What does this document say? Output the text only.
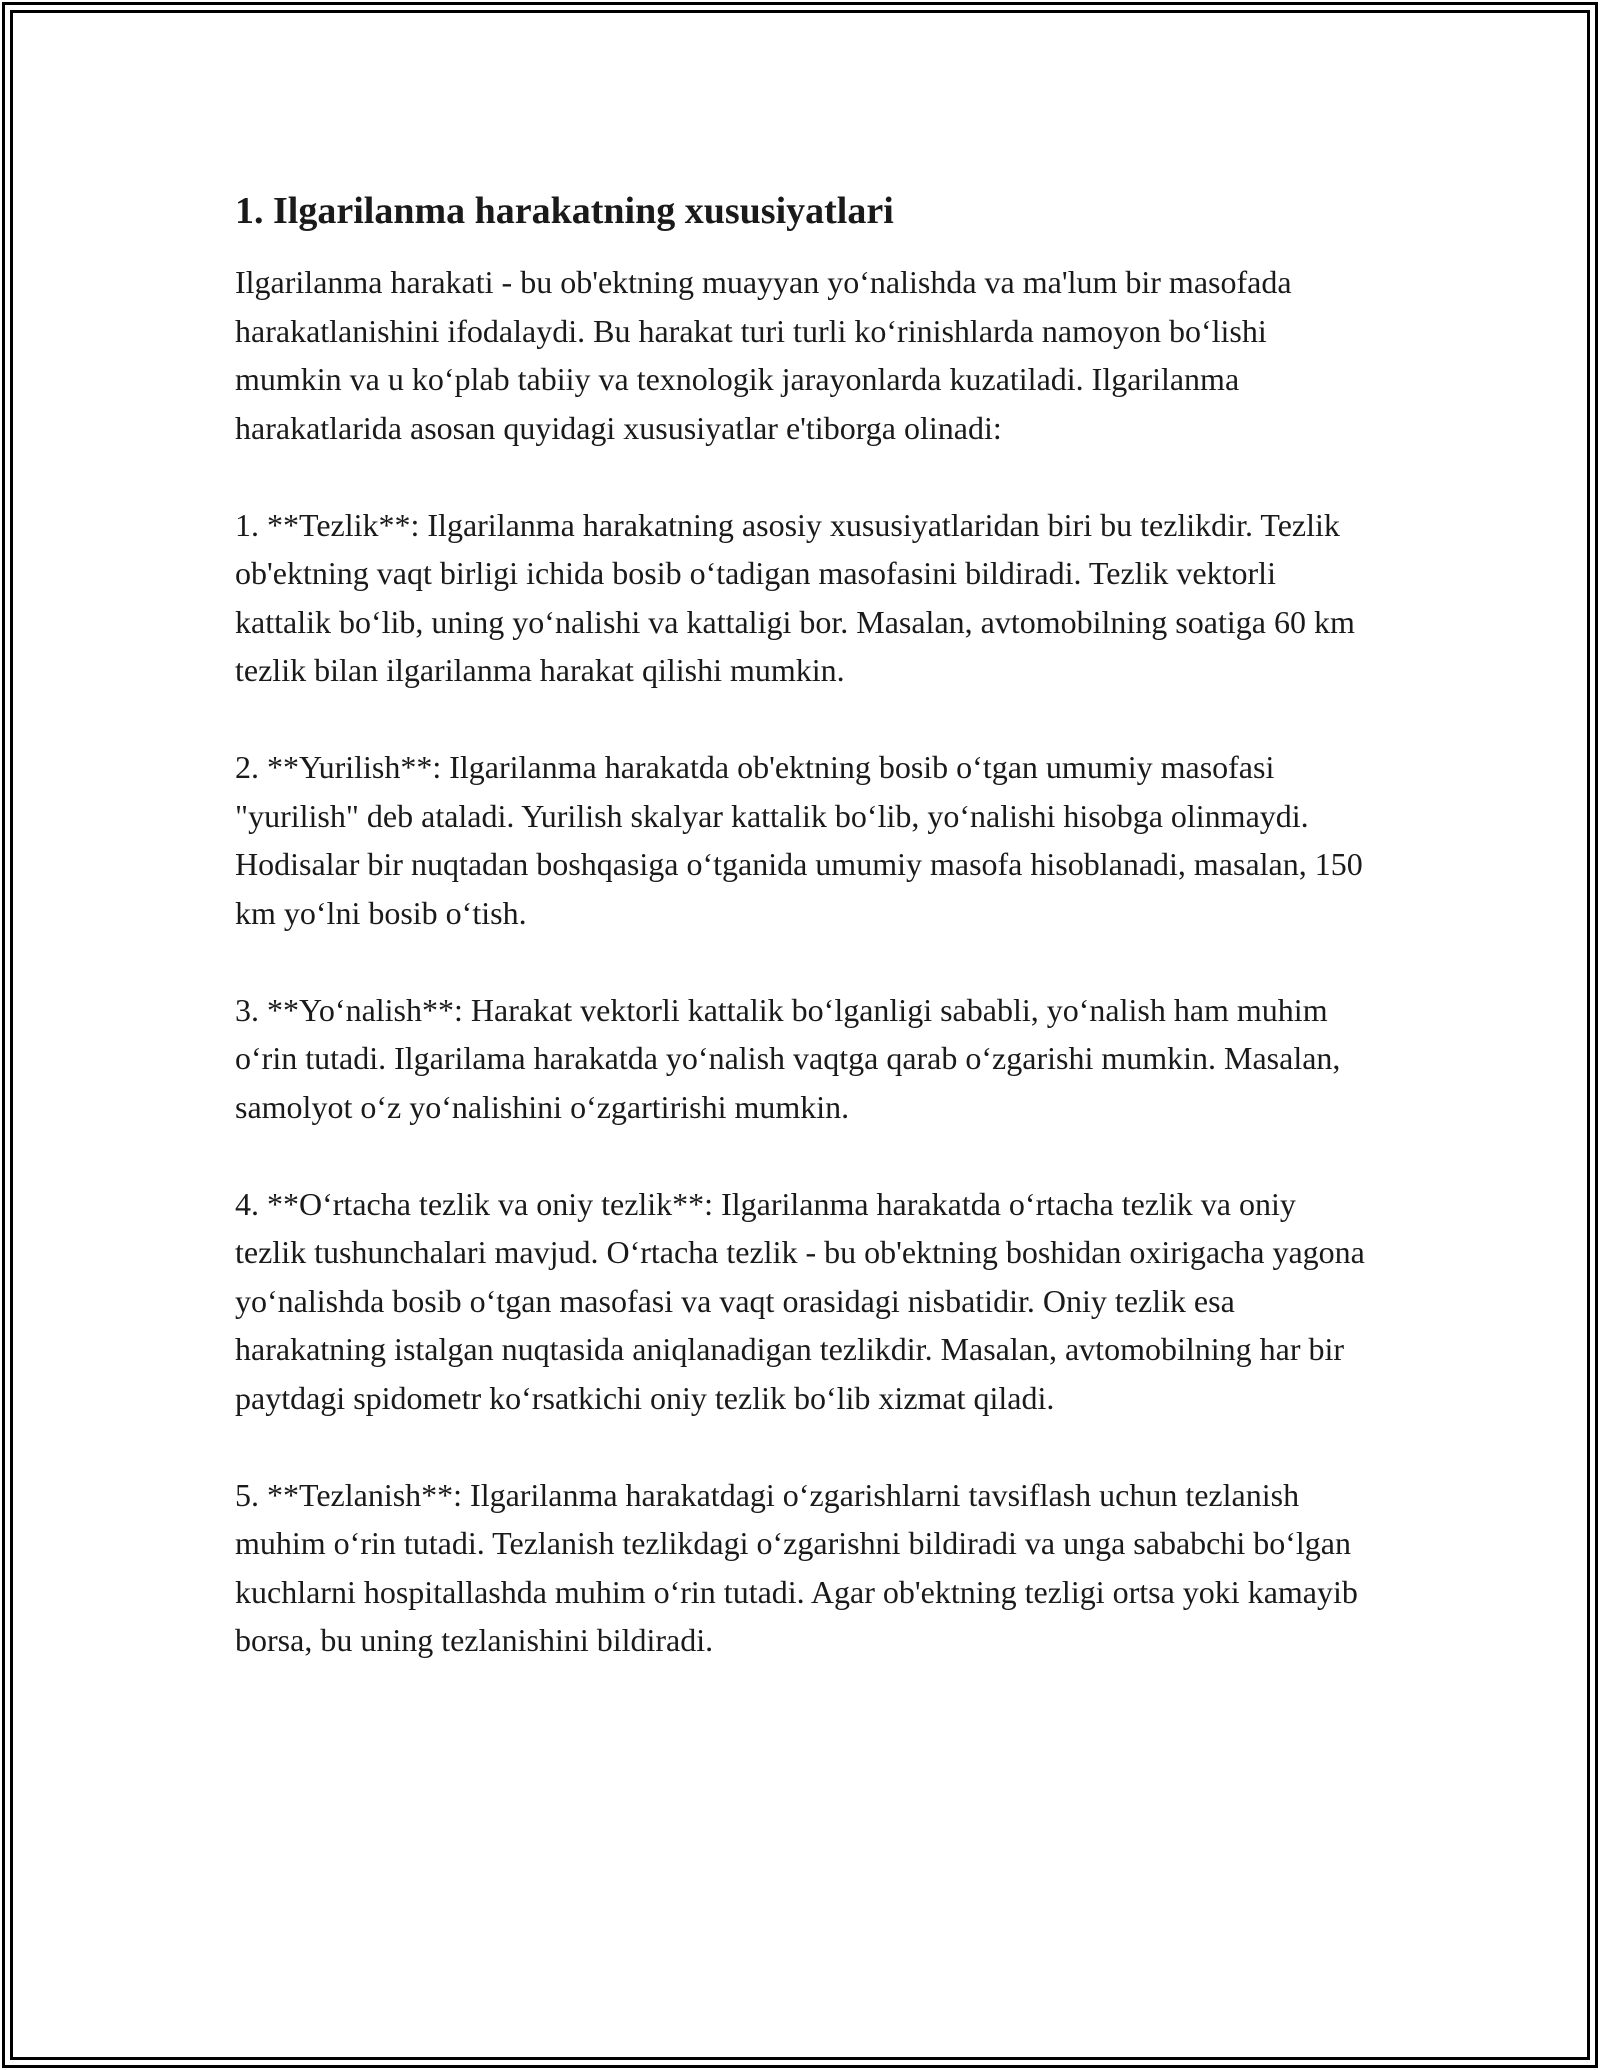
1. Ilgarilanma harakatning xususiyatlari

Ilgarilanma harakati - bu ob'ektning muayyan yo‘nalishda va ma'lum bir masofada harakatlanishini ifodalaydi. Bu harakat turi turli ko‘rinishlarda namoyon bo‘lishi mumkin va u ko‘plab tabiiy va texnologik jarayonlarda kuzatiladi. Ilgarilanma harakatlarida asosan quyidagi xususiyatlar e'tiborga olinadi:

1. **Tezlik**: Ilgarilanma harakatning asosiy xususiyatlaridan biri bu tezlikdir. Tezlik ob'ektning vaqt birligi ichida bosib o‘tadigan masofasini bildiradi. Tezlik vektorli kattalik bo‘lib, uning yo‘nalishi va kattaligi bor. Masalan, avtomobilning soatiga 60 km tezlik bilan ilgarilanma harakat qilishi mumkin.

2. **Yurilish**: Ilgarilanma harakatda ob'ektning bosib o‘tgan umumiy masofasi "yurilish" deb ataladi. Yurilish skalyar kattalik bo‘lib, yo‘nalishi hisobga olinmaydi. Hodisalar bir nuqtadan boshqasiga o‘tganida umumiy masofa hisoblanadi, masalan, 150 km yo‘lni bosib o‘tish.

3. **Yo‘nalish**: Harakat vektorli kattalik bo‘lganligi sababli, yo‘nalish ham muhim o‘rin tutadi. Ilgarilama harakatda yo‘nalish vaqtga qarab o‘zgarishi mumkin. Masalan, samolyot o‘z yo‘nalishini o‘zgartirishi mumkin.

4. **O‘rtacha tezlik va oniy tezlik**: Ilgarilanma harakatda o‘rtacha tezlik va oniy tezlik tushunchalari mavjud. O‘rtacha tezlik - bu ob'ektning boshidan oxirigacha yagona yo‘nalishda bosib o‘tgan masofasi va vaqt orasidagi nisbatidir. Oniy tezlik esa harakatning istalgan nuqtasida aniqlanadigan tezlikdir. Masalan, avtomobilning har bir paytdagi spidometr ko‘rsatkichi oniy tezlik bo‘lib xizmat qiladi.

5. **Tezlanish**: Ilgarilanma harakatdagi o‘zgarishlarni tavsiflash uchun tezlanish muhim o‘rin tutadi. Tezlanish tezlikdagi o‘zgarishni bildiradi va unga sababchi bo‘lgan kuchlarni hospitallashda muhim o‘rin tutadi. Agar ob'ektning tezligi ortsa yoki kamayib borsa, bu uning tezlanishini bildiradi.
